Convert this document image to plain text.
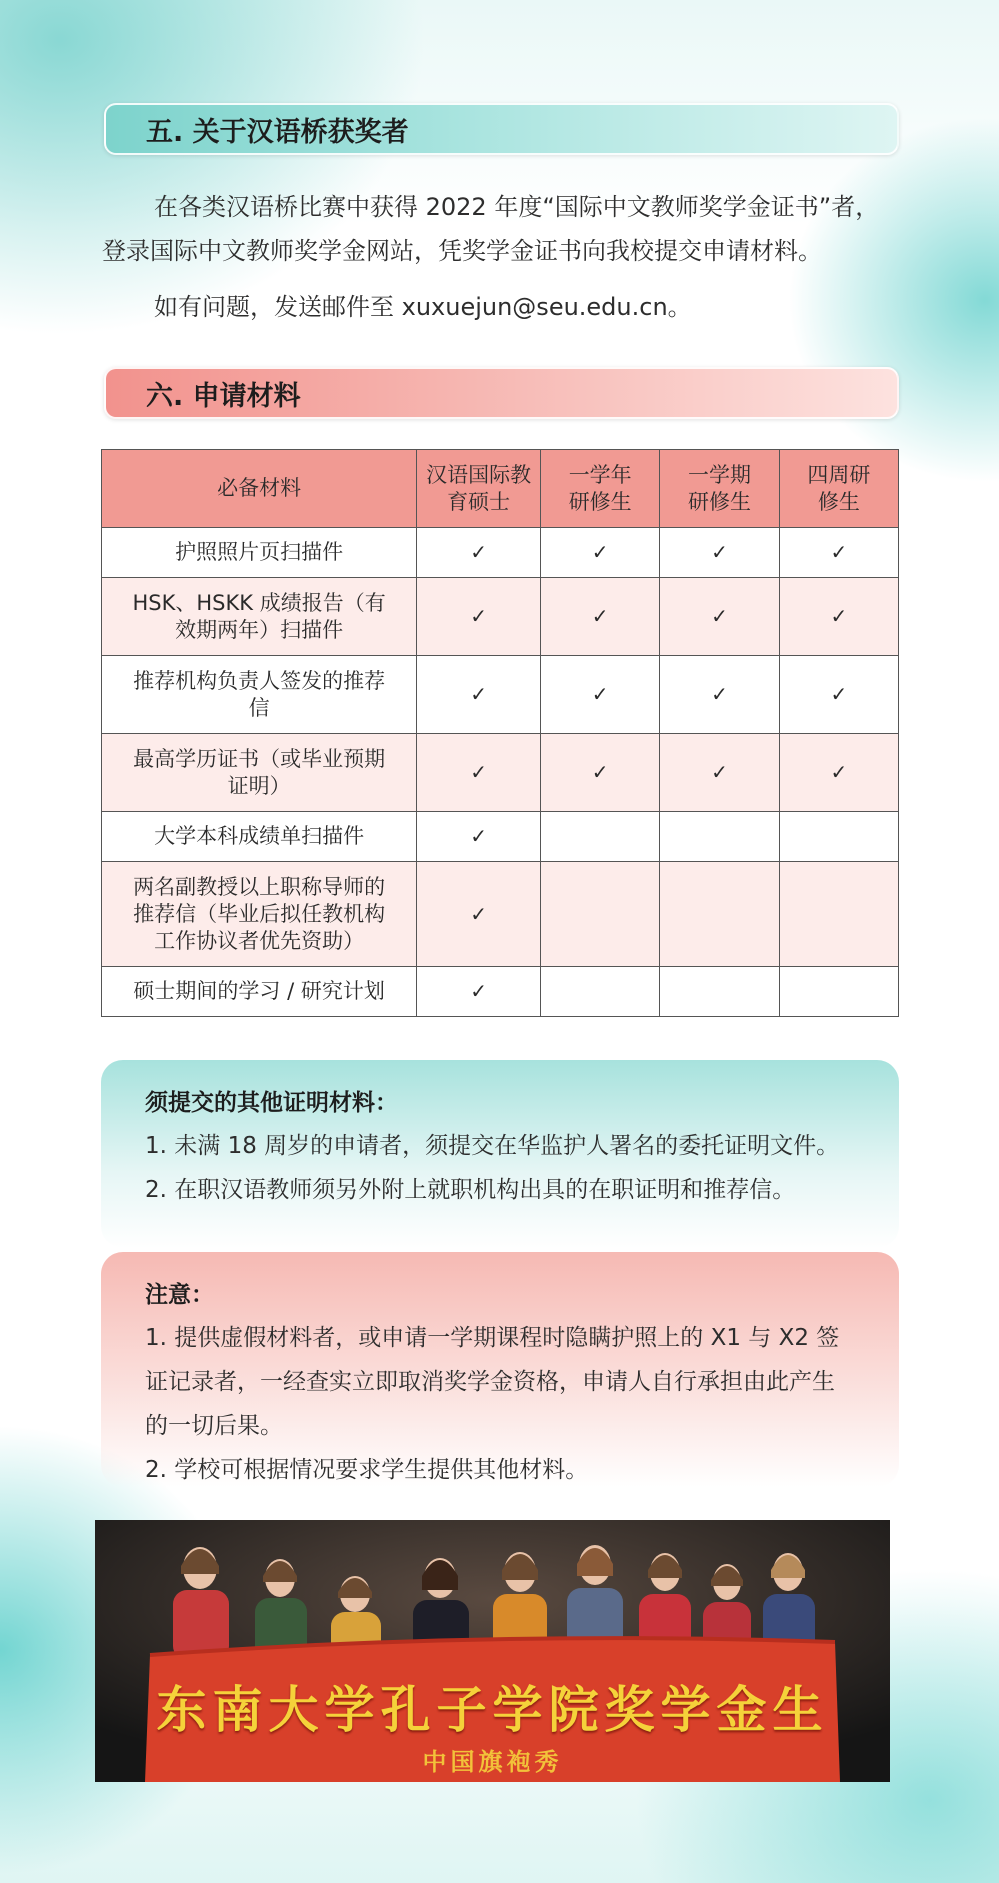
五. 关于汉语桥获奖者
在各类汉语桥比赛中获得 2022 年度“国际中文教师奖学金证书”者，登录国际中文教师奖学金网站，凭奖学金证书向我校提交申请材料。
如有问题，发送邮件至 xuxuejun@seu.edu.cn。
六. 申请材料
必备材料	汉语国际教育硕士	一学年研修生	一学期研修生	四周研修生
护照照片页扫描件	✓	✓	✓	✓
HSK、HSKK 成绩报告（有效期两年）扫描件	✓	✓	✓	✓
推荐机构负责人签发的推荐信	✓	✓	✓	✓
最高学历证书（或毕业预期证明）	✓	✓	✓	✓
大学本科成绩单扫描件	✓			
两名副教授以上职称导师的推荐信（毕业后拟任教机构工作协议者优先资助）	✓			
硕士期间的学习 / 研究计划	✓			
须提交的其他证明材料：
1. 未满 18 周岁的申请者，须提交在华监护人署名的委托证明文件。
2. 在职汉语教师须另外附上就职机构出具的在职证明和推荐信。
注意：
1. 提供虚假材料者，或申请一学期课程时隐瞒护照上的 X1 与 X2 签证记录者，一经查实立即取消奖学金资格，申请人自行承担由此产生的一切后果。
2. 学校可根据情况要求学生提供其他材料。
东南大学孔子学院奖学金生
中国旗袍秀
